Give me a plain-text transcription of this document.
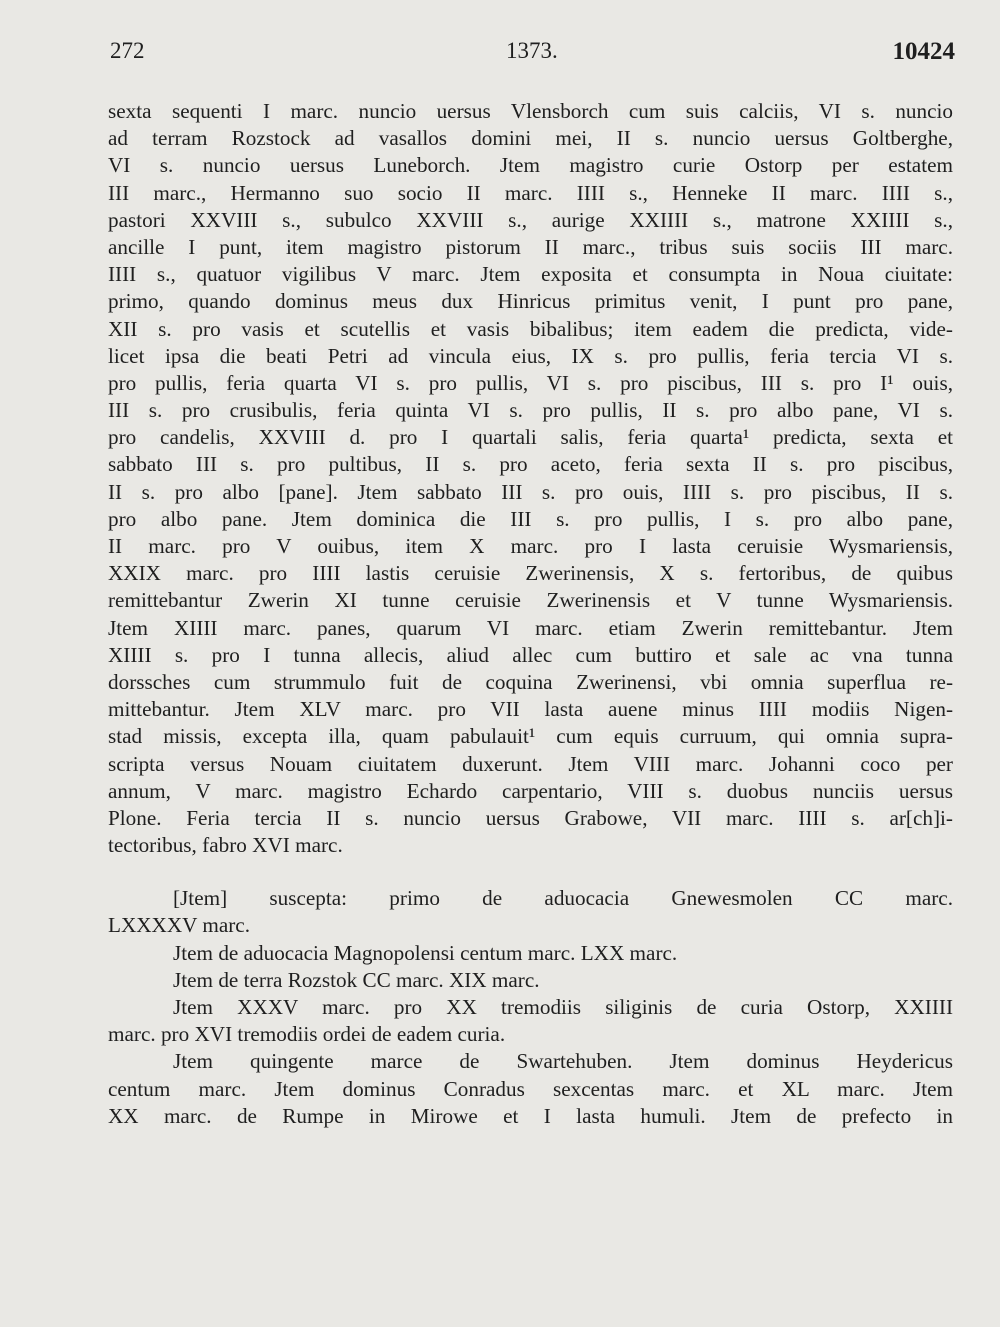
272	1373.	10424
sexta sequenti I marc. nuncio uersus Vlensborch cum suis calciis, VI s. nuncio
ad terram Rozstock ad vasallos domini mei, II s. nuncio uersus Goltberghe,
VI s. nuncio uersus Luneborch. Jtem magistro curie Ostorp per estatem
III marc., Hermanno suo socio II marc. IIII s., Henneke II marc. IIII s.,
pastori XXVIII s., subulco XXVIII s., aurige XXIIII s., matrone XXIIII s.,
ancille I punt, item magistro pistorum II marc., tribus suis sociis III marc.
IIII s., quatuor vigilibus V marc. Jtem exposita et consumpta in Noua ciuitate:
primo, quando dominus meus dux Hinricus primitus venit, I punt pro pane,
XII s. pro vasis et scutellis et vasis bibalibus; item eadem die predicta, vide-
licet ipsa die beati Petri ad vincula eius, IX s. pro pullis, feria tercia VI s.
pro pullis, feria quarta VI s. pro pullis, VI s. pro piscibus, III s. pro I¹ ouis,
III s. pro crusibulis, feria quinta VI s. pro pullis, II s. pro albo pane, VI s.
pro candelis, XXVIII d. pro I quartali salis, feria quarta¹ predicta, sexta et
sabbato III s. pro pultibus, II s. pro aceto, feria sexta II s. pro piscibus,
II s. pro albo [pane]. Jtem sabbato III s. pro ouis, IIII s. pro piscibus, II s.
pro albo pane. Jtem dominica die III s. pro pullis, I s. pro albo pane,
II marc. pro V ouibus, item X marc. pro I lasta ceruisie Wysmariensis,
XXIX marc. pro IIII lastis ceruisie Zwerinensis, X s. fertoribus, de quibus
remittebantur Zwerin XI tunne ceruisie Zwerinensis et V tunne Wysmariensis.
Jtem XIIII marc. panes, quarum VI marc. etiam Zwerin remittebantur. Jtem
XIIII s. pro I tunna allecis, aliud allec cum buttiro et sale ac vna tunna
dorssches cum strummulo fuit de coquina Zwerinensi, vbi omnia superflua re-
mittebantur. Jtem XLV marc. pro VII lasta auene minus IIII modiis Nigen-
stad missis, excepta illa, quam pabulauit¹ cum equis curruum, qui omnia supra-
scripta versus Nouam ciuitatem duxerunt. Jtem VIII marc. Johanni coco per
annum, V marc. magistro Echardo carpentario, VIII s. duobus nunciis uersus
Plone. Feria tercia II s. nuncio uersus Grabowe, VII marc. IIII s. ar[ch]i-
tectoribus, fabro XVI marc.
[Jtem] suscepta: primo de aduocacia Gnewesmolen CC marc.
LXXXXV marc.
Jtem de aduocacia Magnopolensi centum marc. LXX marc.
Jtem de terra Rozstok CC marc. XIX marc.
Jtem XXXV marc. pro XX tremodiis siliginis de curia Ostorp, XXIIII
marc. pro XVI tremodiis ordei de eadem curia.
Jtem quingente marce de Swartehuben. Jtem dominus Heydericus
centum marc. Jtem dominus Conradus sexcentas marc. et XL marc. Jtem
XX marc. de Rumpe in Mirowe et I lasta humuli. Jtem de prefecto in
